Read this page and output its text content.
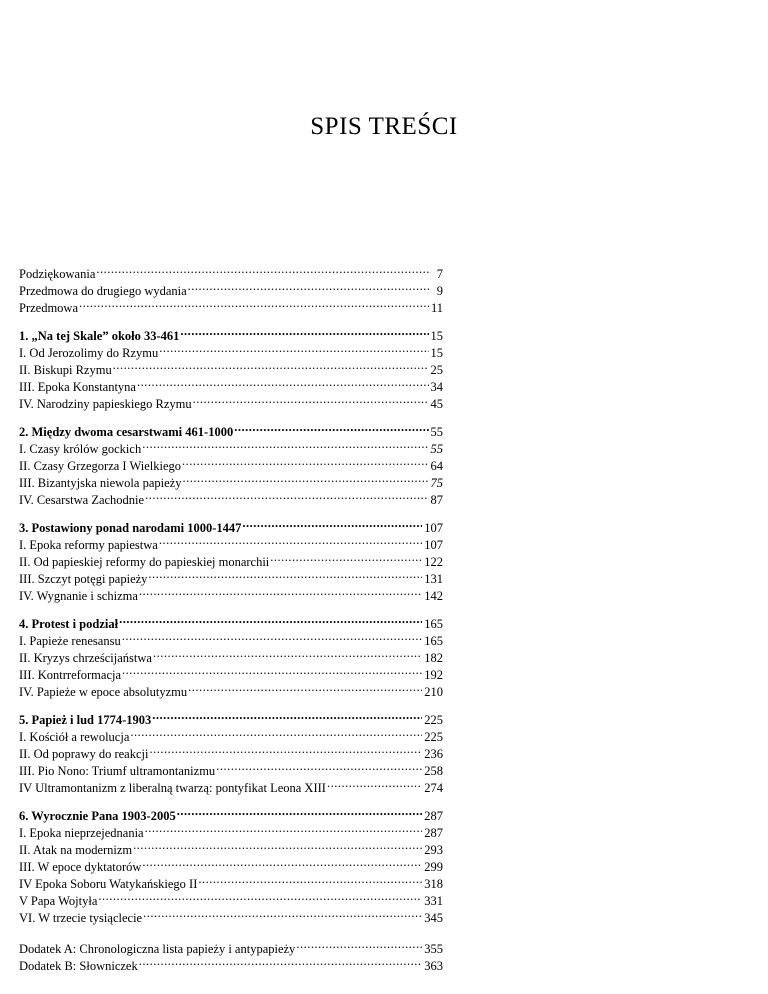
SPIS TREŚCI
Podziękowania .....	7
Przedmowa do drugiego wydania .....	9
Przedmowa .....	11
1. „Na tej Skale” około 33-461 .....	15
I. Od Jerozolimy do Rzymu .....	15
II. Biskupi Rzymu .....	25
III. Epoka Konstantyna .....	34
IV. Narodziny papieskiego Rzymu .....	45
2. Między dwoma cesarstwami 461-1000 .....	55
I. Czasy królów gockich .....	55
II. Czasy Grzegorza I Wielkiego .....	64
III. Bizantyjska niewola papieży .....	75
IV. Cesarstwa Zachodnie .....	87
3. Postawiony ponad narodami 1000-1447 .....	107
I. Epoka reformy papiestwa .....	107
II. Od papieskiej reformy do papieskiej monarchii .....	122
III. Szczyt potęgi papieży .....	131
IV. Wygnanie i schizma .....	142
4. Protest i podział .....	165
I. Papieże renesansu .....	165
II. Kryzys chrześcijaństwa .....	182
III. Kontrreformacja .....	192
IV. Papieże w epoce absolutyzmu .....	210
5. Papież i lud 1774-1903 .....	225
I. Kościół a rewolucja .....	225
II. Od poprawy do reakcji .....	236
III. Pio Nono: Triumf ultramontanizmu .....	258
IV Ultramontanizm z liberalną twarzą: pontyfikat Leona XIII .....	274
6. Wyrocznie Pana 1903-2005 .....	287
I. Epoka nieprzejednania .....	287
II. Atak na modernizm .....	293
III. W epoce dyktatorów .....	299
IV Epoka Soboru Watykańskiego II .....	318
V Papa Wojtyła .....	331
VI. W trzecie tysiąclecie .....	345
Dodatek A: Chronologiczna lista papieży i antypapieży .....	355
Dodatek B: Słowniczek .....	363
